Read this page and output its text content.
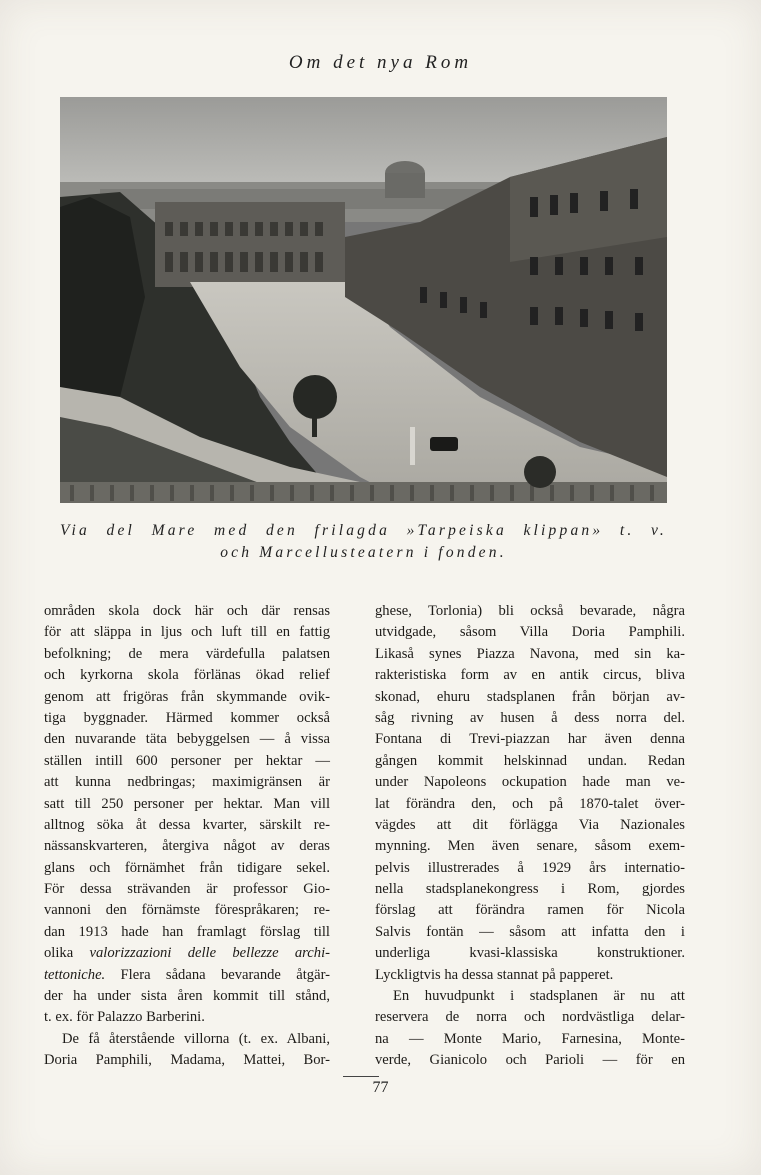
Om det nya Rom
Via del Mare med den frilagda »Tarpeiska klippan» t. v.
och Marcellusteatern i fonden.
områden skola dock här och där rensas
för att släppa in ljus och luft till en fattig
befolkning; de mera värdefulla palatsen
och kyrkorna skola förlänas ökad relief
genom att frigöras från skymmande ovik-
tiga byggnader. Härmed kommer också
den nuvarande täta bebyggelsen — å vissa
ställen intill 600 personer per hektar —
att kunna nedbringas; maximigränsen är
satt till 250 personer per hektar. Man vill
alltnog söka åt dessa kvarter, särskilt re-
nässanskvarteren, återgiva något av deras
glans och förnämhet från tidigare sekel.
För dessa strävanden är professor Gio-
vannoni den förnämste förespråkaren; re-
dan 1913 hade han framlagt förslag till
olika valorizzazioni delle bellezze archi-
tettoniche. Flera sådana bevarande åtgär-
der ha under sista åren kommit till stånd,
t. ex. för Palazzo Barberini.
De få återstående villorna (t. ex. Albani,
Doria Pamphili, Madama, Mattei, Bor-
ghese, Torlonia) bli också bevarade, några
utvidgade, såsom Villa Doria Pamphili.
Likaså synes Piazza Navona, med sin ka-
rakteristiska form av en antik circus, bliva
skonad, ehuru stadsplanen från början av-
såg rivning av husen å dess norra del.
Fontana di Trevi-piazzan har även denna
gången kommit helskinnad undan. Redan
under Napoleons ockupation hade man ve-
lat förändra den, och på 1870-talet över-
vägdes att dit förlägga Via Nazionales
mynning. Men även senare, såsom exem-
pelvis illustrerades å 1929 års internatio-
nella stadsplanekongress i Rom, gjordes
förslag att förändra ramen för Nicola
Salvis fontän — såsom att infatta den i
underliga kvasi-klassiska konstruktioner.
Lyckligtvis ha dessa stannat på papperet.
En huvudpunkt i stadsplanen är nu att
reservera de norra och nordvästliga delar-
na — Monte Mario, Farnesina, Monte-
verde, Gianicolo och Parioli — för en
77
